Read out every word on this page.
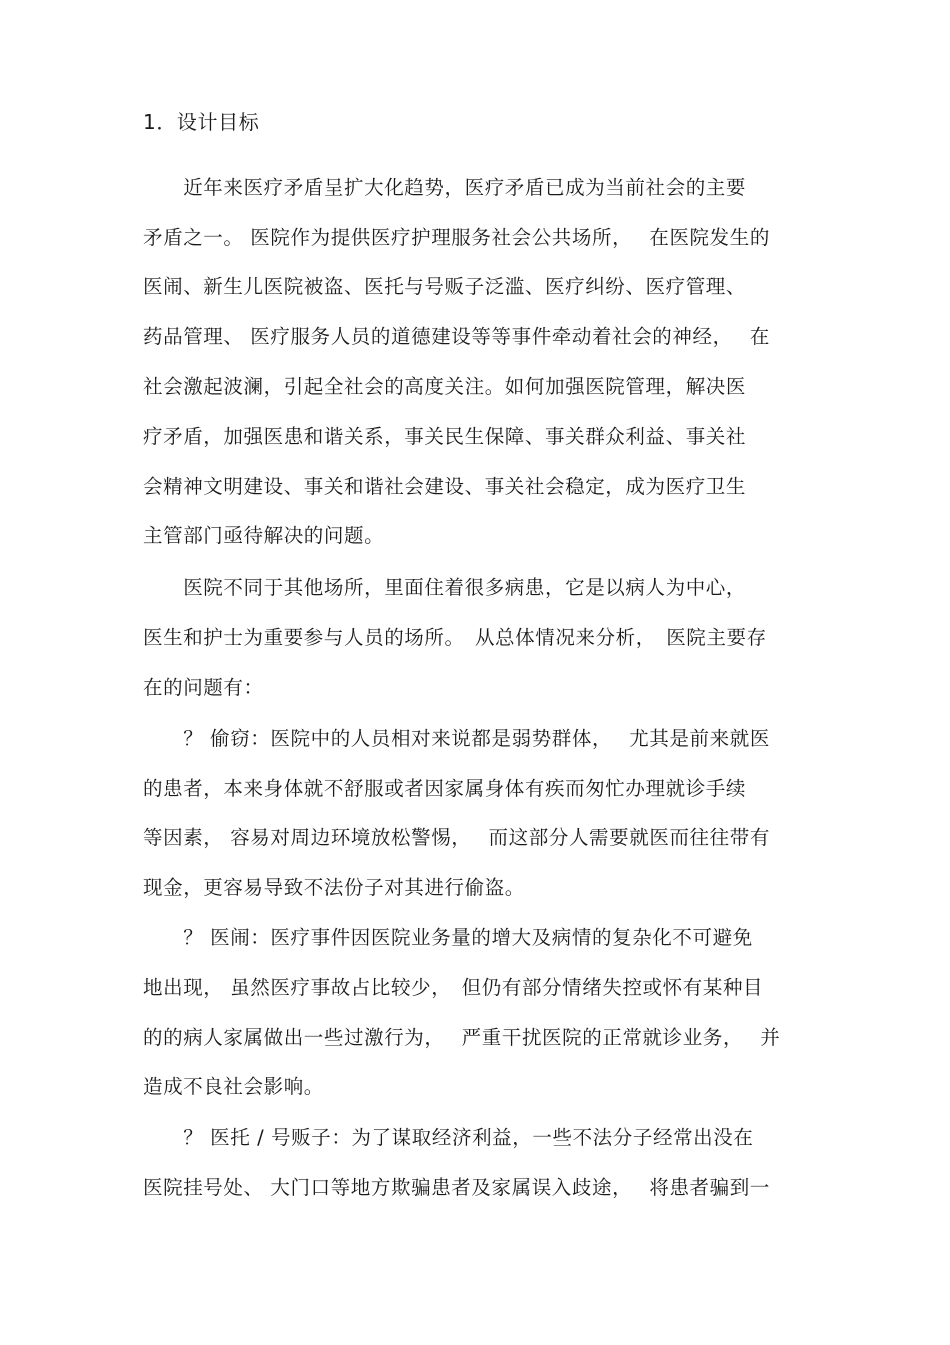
1．设计目标
　　近年来医疗矛盾呈扩大化趋势，医疗矛盾已成为当前社会的主要
矛盾之一。 医院作为提供医疗护理服务社会公共场所，　 在医院发生的
医闹、新生儿医院被盗、医托与号贩子泛滥、医疗纠纷、医疗管理、
药品管理、 医疗服务人员的道德建设等等事件牵动着社会的神经，　 在
社会激起波澜，引起全社会的高度关注。如何加强医院管理，解决医
疗矛盾，加强医患和谐关系，事关民生保障、事关群众利益、事关社
会精神文明建设、事关和谐社会建设、事关社会稳定，成为医疗卫生
主管部门亟待解决的问题。
　　医院不同于其他场所，里面住着很多病患，它是以病人为中心，
医生和护士为重要参与人员的场所。　从总体情况来分析，　医院主要存
在的问题有：
　　？ 偷窃：医院中的人员相对来说都是弱势群体，　 尤其是前来就医
的患者，本来身体就不舒服或者因家属身体有疾而匆忙办理就诊手续
等因素， 容易对周边环境放松警惕，　 而这部分人需要就医而往往带有
现金，更容易导致不法份子对其进行偷盗。
　　？ 医闹：医疗事件因医院业务量的增大及病情的复杂化不可避免
地出现， 虽然医疗事故占比较少，　但仍有部分情绪失控或怀有某种目
的的病人家属做出一些过激行为，　 严重干扰医院的正常就诊业务，　 并
造成不良社会影响。
　　？ 医托 / 号贩子：为了谋取经济利益，一些不法分子经常出没在
医院挂号处、 大门口等地方欺骗患者及家属误入歧途，　 将患者骗到一
